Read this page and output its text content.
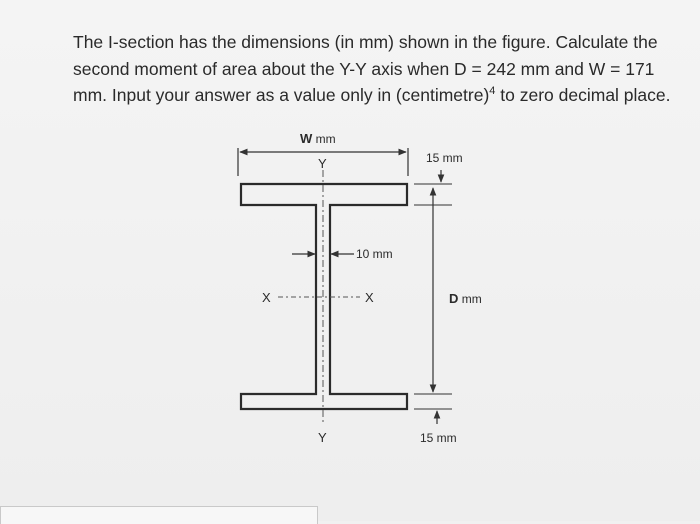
The I-section has the dimensions (in mm) shown in the figure. Calculate the second moment of area about the Y-Y axis when D = 242 mm and W = 171 mm. Input your answer as a value only in (centimetre)$^4$ to zero decimal place.
W mm
Y
Y
X	X
10 mm
15 mm
D mm
15 mm
